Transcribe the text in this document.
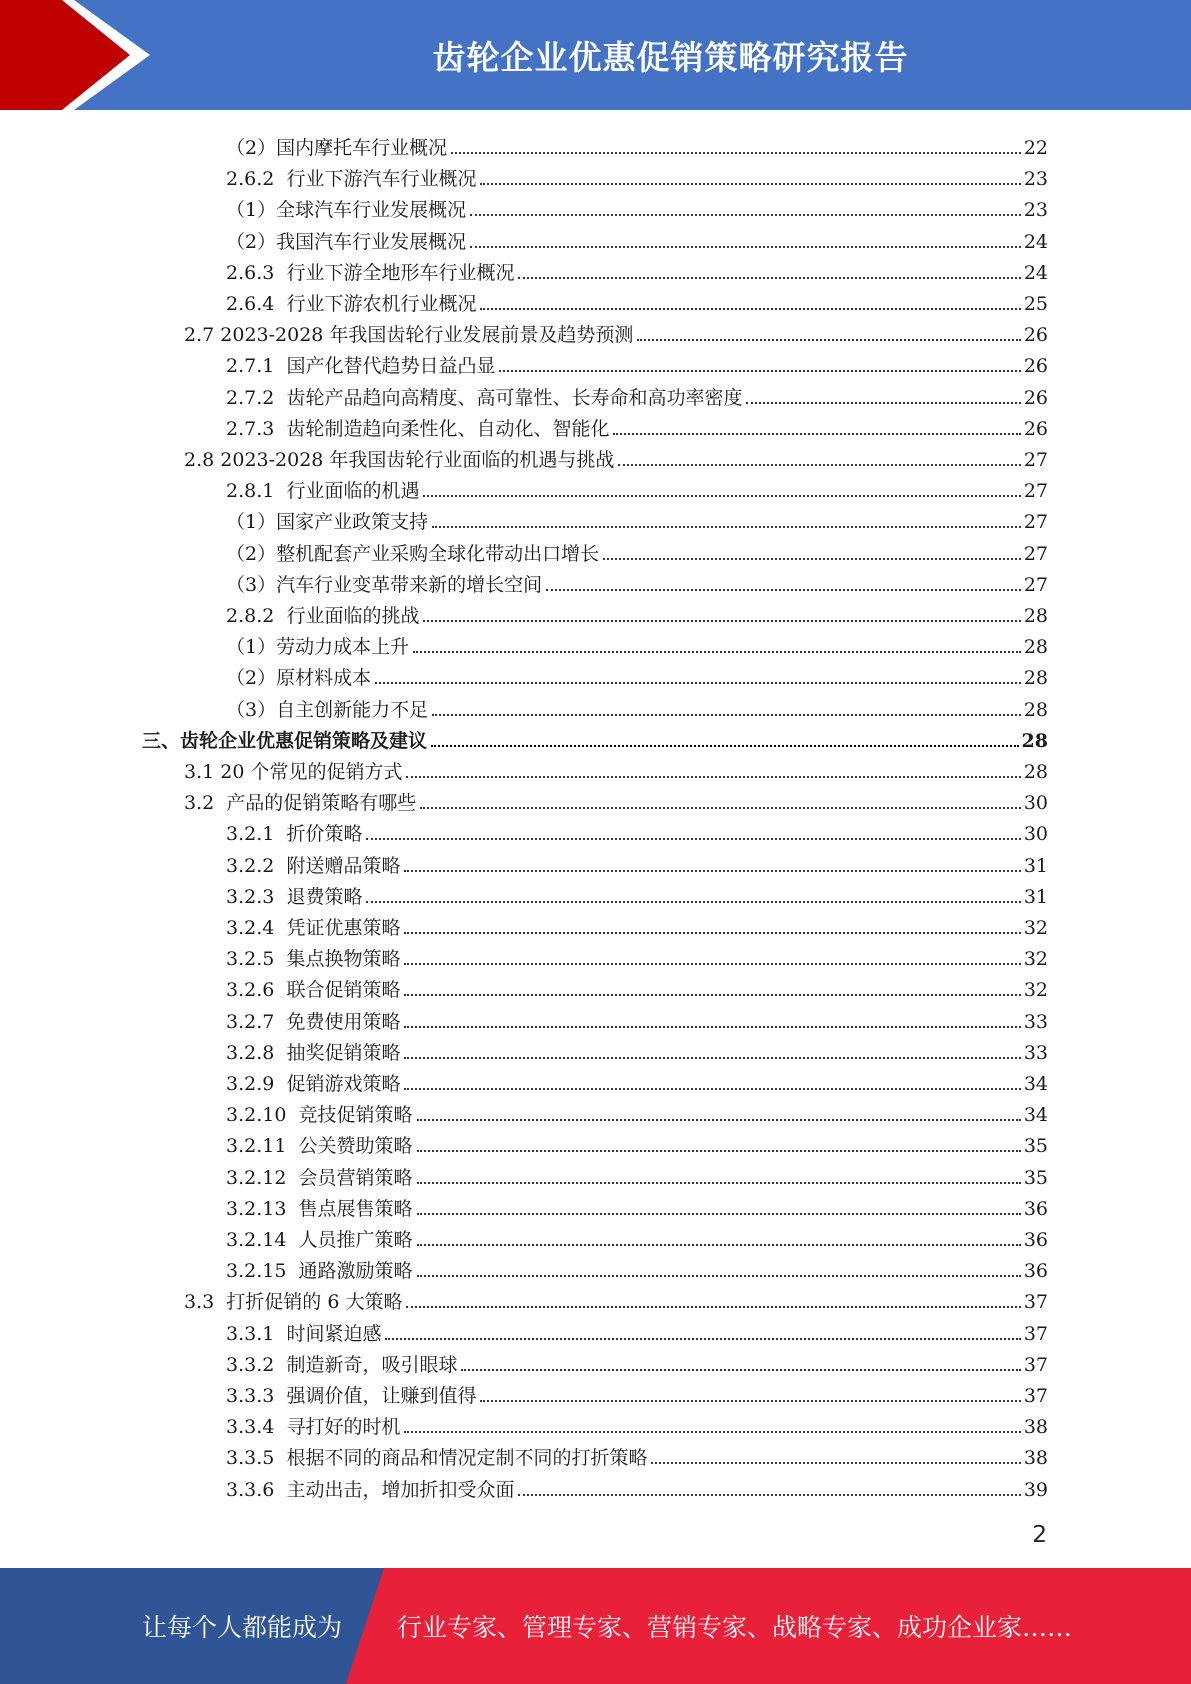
齿轮企业优惠促销策略研究报告
（2） 国内摩托车行业概况	22
2.6.2 行业下游汽车行业概况	23
（1） 全球汽车行业发展概况	23
（2） 我国汽车行业发展概况	24
2.6.3 行业下游全地形车行业概况	24
2.6.4 行业下游农机行业概况	25
2.7 2023-2028 年我国齿轮行业发展前景及趋势预测	26
2.7.1 国产化替代趋势日益凸显	26
2.7.2 齿轮产品趋向高精度、高可靠性、长寿命和高功率密度	26
2.7.3 齿轮制造趋向柔性化、自动化、智能化	26
2.8 2023-2028 年我国齿轮行业面临的机遇与挑战	27
2.8.1 行业面临的机遇	27
（1） 国家产业政策支持	27
（2） 整机配套产业采购全球化带动出口增长	27
（3） 汽车行业变革带来新的增长空间	27
2.8.2 行业面临的挑战	28
（1） 劳动力成本上升	28
（2） 原材料成本	28
（3） 自主创新能力不足	28
三、 齿轮企业优惠促销策略及建议	28
3.1 20 个常见的促销方式	28
3.2 产品的促销策略有哪些	30
3.2.1 折价策略	30
3.2.2 附送赠品策略	31
3.2.3 退费策略	31
3.2.4 凭证优惠策略	32
3.2.5 集点换物策略	32
3.2.6 联合促销策略	32
3.2.7 免费使用策略	33
3.2.8 抽奖促销策略	33
3.2.9 促销游戏策略	34
3.2.10 竞技促销策略	34
3.2.11 公关赞助策略	35
3.2.12 会员营销策略	35
3.2.13 售点展售策略	36
3.2.14 人员推广策略	36
3.2.15 通路激励策略	36
3.3 打折促销的 6 大策略	37
3.3.1 时间紧迫感	37
3.3.2 制造新奇，吸引眼球	37
3.3.3 强调价值，让赚到值得	37
3.3.4 寻打好的时机	38
3.3.5 根据不同的商品和情况定制不同的打折策略	38
3.3.6 主动出击，增加折扣受众面	39
2
让每个人都能成为 行业专家、管理专家、营销专家、战略专家、成功企业家……
